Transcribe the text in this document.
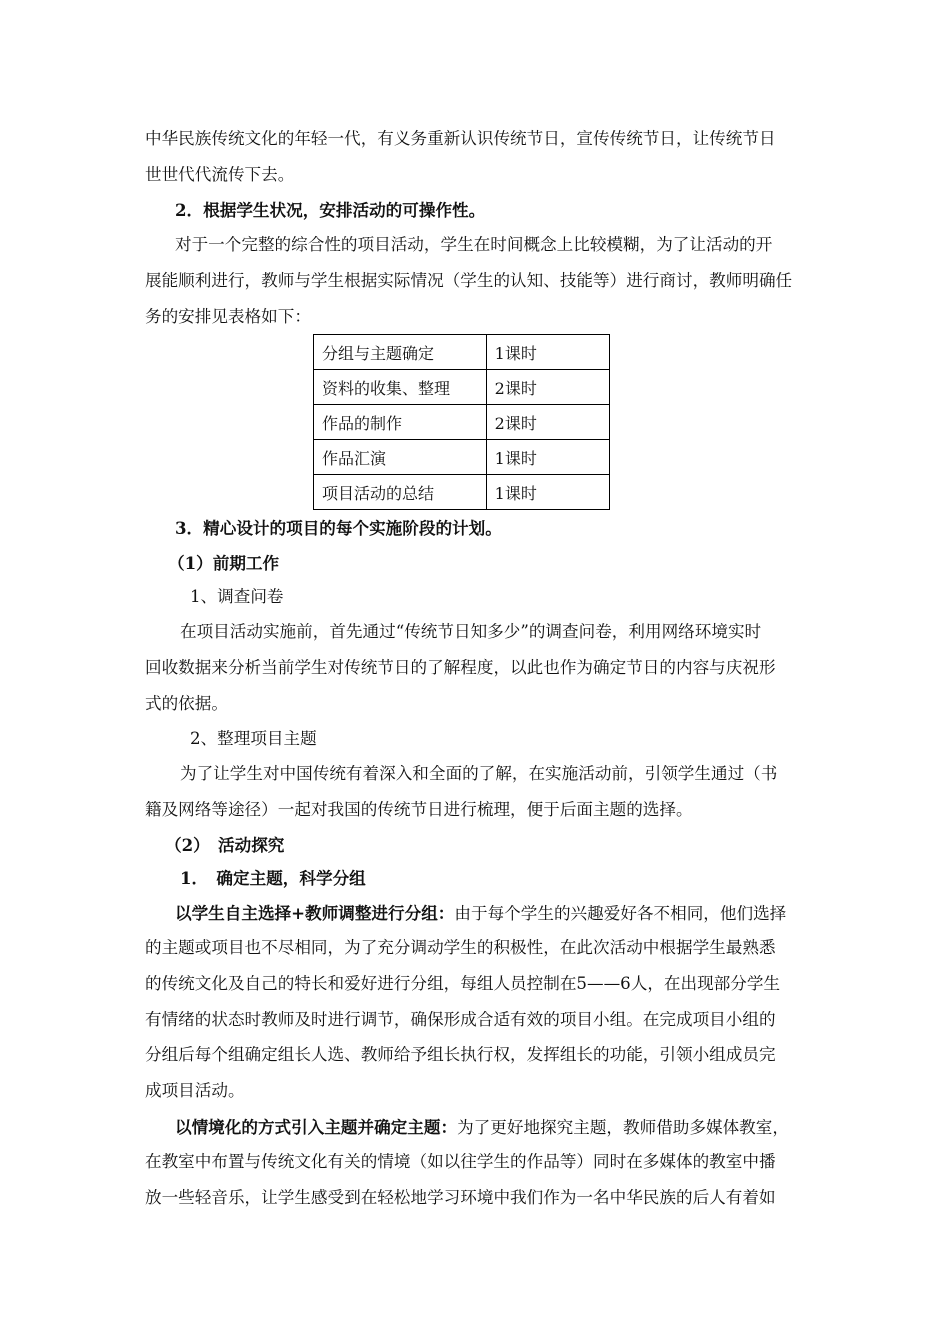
中华民族传统文化的年轻一代，有义务重新认识传统节日，宣传传统节日，让传统节日

世世代代流传下去。

2．根据学生状况，安排活动的可操作性。

对于一个完整的综合性的项目活动，学生在时间概念上比较模糊，为了让活动的开

展能顺利进行，教师与学生根据实际情况（学生的认知、技能等）进行商讨，教师明确任

务的安排见表格如下：

分组与主题确定	1课时
资料的收集、整理	2课时
作品的制作	2课时
作品汇演	1课时
项目活动的总结	1课时

3．精心设计的项目的每个实施阶段的计划。

（1）前期工作

1、调查问卷

在项目活动实施前，首先通过“传统节日知多少”的调查问卷，利用网络环境实时

回收数据来分析当前学生对传统节日的了解程度，以此也作为确定节日的内容与庆祝形

式的依据。

2、整理项目主题

为了让学生对中国传统有着深入和全面的了解，在实施活动前，引领学生通过（书

籍及网络等途径）一起对我国的传统节日进行梳理，便于后面主题的选择。

（2）　活动探究

1．　确定主题，科学分组

以学生自主选择+教师调整进行分组：由于每个学生的兴趣爱好各不相同，他们选择

的主题或项目也不尽相同，为了充分调动学生的积极性，在此次活动中根据学生最熟悉

的传统文化及自己的特长和爱好进行分组，每组人员控制在5——6人，在出现部分学生

有情绪的状态时教师及时进行调节，确保形成合适有效的项目小组。在完成项目小组的

分组后每个组确定组长人选、教师给予组长执行权，发挥组长的功能，引领小组成员完

成项目活动。

以情境化的方式引入主题并确定主题：为了更好地探究主题，教师借助多媒体教室，

在教室中布置与传统文化有关的情境（如以往学生的作品等）同时在多媒体的教室中播

放一些轻音乐，让学生感受到在轻松地学习环境中我们作为一名中华民族的后人有着如
